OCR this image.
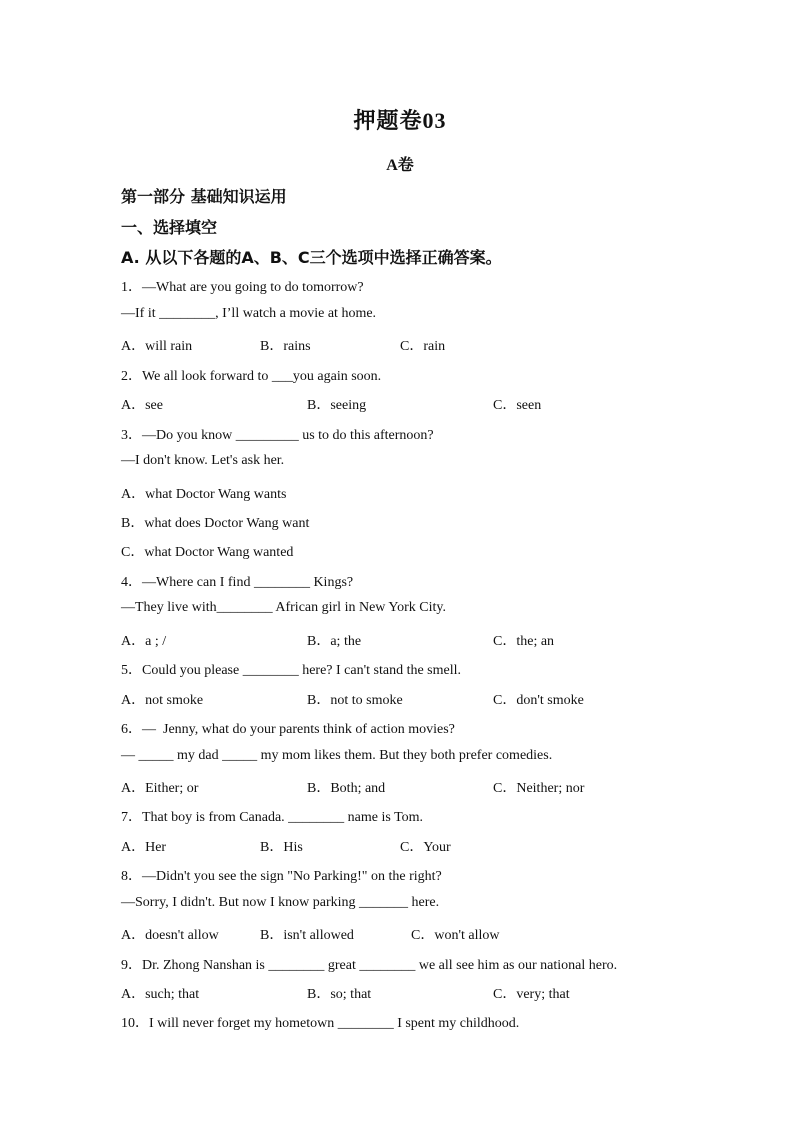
押题卷03
A卷
第一部分 基础知识运用
一、选择填空
A. 从以下各题的A、B、C三个选项中选择正确答案。
1．—What are you going to do tomorrow?
—If it ________, I’ll watch a movie at home.
A．will rain	B．rains	C．rain
2．We all look forward to ___you again soon.
A．see	B．seeing	C．seen
3．—Do you know _________ us to do this afternoon?
—I don't know. Let's ask her.
A．what Doctor Wang wants
B．what does Doctor Wang want
C．what Doctor Wang wanted
4．—Where can I find ________ Kings?
—They live with________ African girl in New York City.
A．a ; /	B．a; the	C．the; an
5．Could you please ________ here? I can't stand the smell.
A．not smoke	B．not to smoke	C．don't smoke
6．—  Jenny, what do your parents think of action movies?
— _____ my dad _____ my mom likes them. But they both prefer comedies.
A．Either; or	B．Both; and	C．Neither; nor
7．That boy is from Canada. ________ name is Tom.
A．Her	B．His	C．Your
8．—Didn't you see the sign "No Parking!" on the right?
—Sorry, I didn't. But now I know parking _______ here.
A．doesn't allow	B．isn't allowed	C．won't allow
9．Dr. Zhong Nanshan is ________ great ________ we all see him as our national hero.
A．such; that	B．so; that	C．very; that
10．I will never forget my hometown ________ I spent my childhood.
